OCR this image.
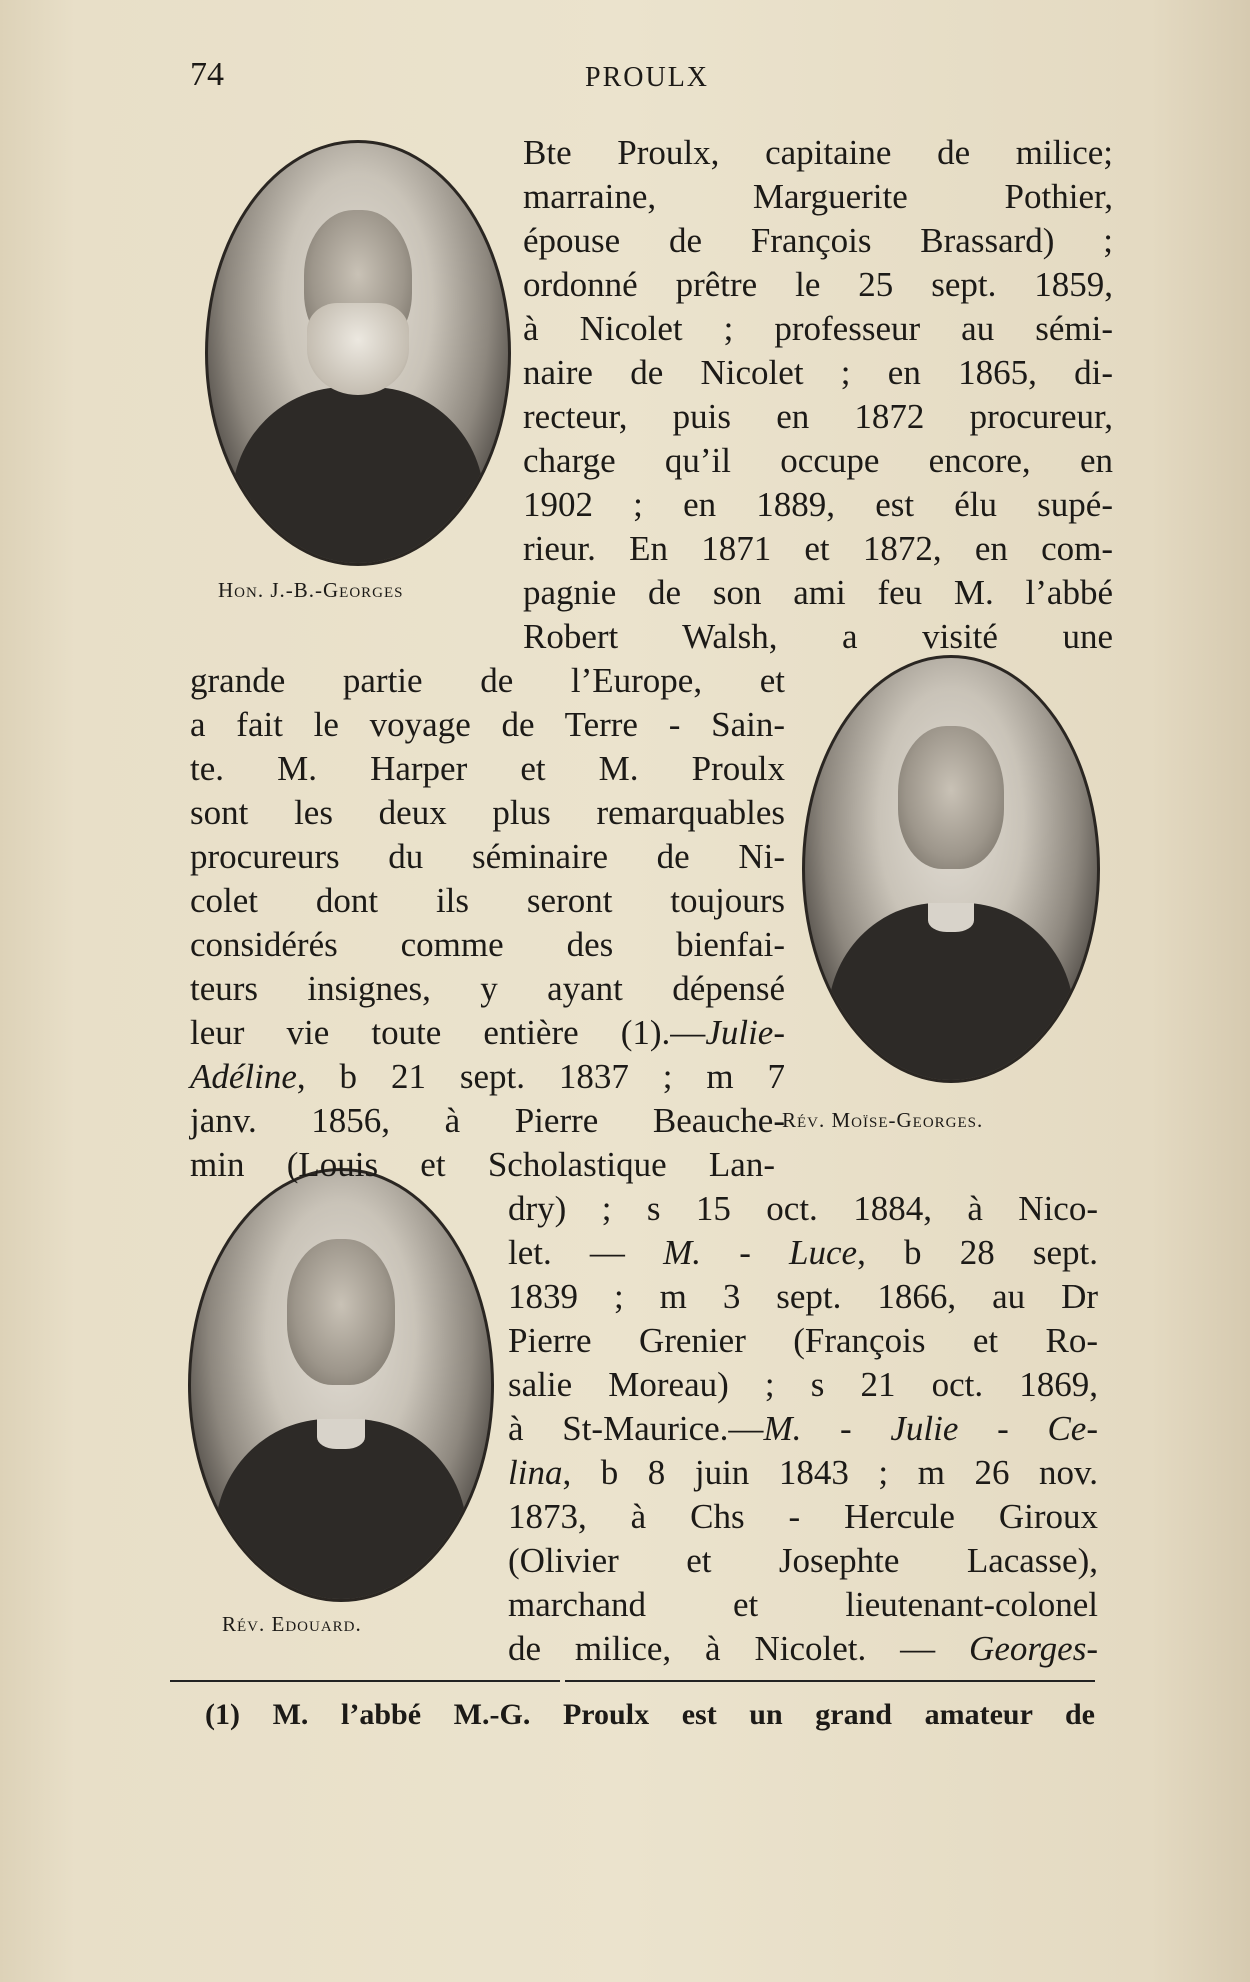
74	PROULX
Hon. J.-B.-Georges
Rév. Moïse-Georges.
Rév. Edouard.
Bte Proulx, capitaine de milice;
marraine, Marguerite Pothier,
épouse de François Brassard) ;
ordonné prêtre le 25 sept. 1859,
à Nicolet ; professeur au sémi-
naire de Nicolet ; en 1865, di-
recteur, puis en 1872 procureur,
charge qu’il occupe encore, en
1902 ; en 1889, est élu supé-
rieur. En 1871 et 1872, en com-
pagnie de son ami feu M. l’abbé
Robert Walsh, a visité une
grande partie de l’Europe, et
a fait le voyage de Terre - Sain-
te. M. Harper et M. Proulx
sont les deux plus remarquables
procureurs du séminaire de Ni-
colet dont ils seront toujours
considérés comme des bienfai-
teurs insignes, y ayant dépensé
leur vie toute entière (1).—Julie-
Adéline, b 21 sept. 1837 ; m 7
janv. 1856, à Pierre Beauche-
min (Louis et Scholastique Lan-
dry) ; s 15 oct. 1884, à Nico-
let. — M. - Luce, b 28 sept.
1839 ; m 3 sept. 1866, au Dr
Pierre Grenier (François et Ro-
salie Moreau) ; s 21 oct. 1869,
à St-Maurice.—M. - Julie - Ce-
lina, b 8 juin 1843 ; m 26 nov.
1873, à Chs - Hercule Giroux
(Olivier et Josephte Lacasse),
marchand et lieutenant-colonel
de milice, à Nicolet. — Georges-
(1) M. l’abbé M.-G. Proulx est un grand amateur de
